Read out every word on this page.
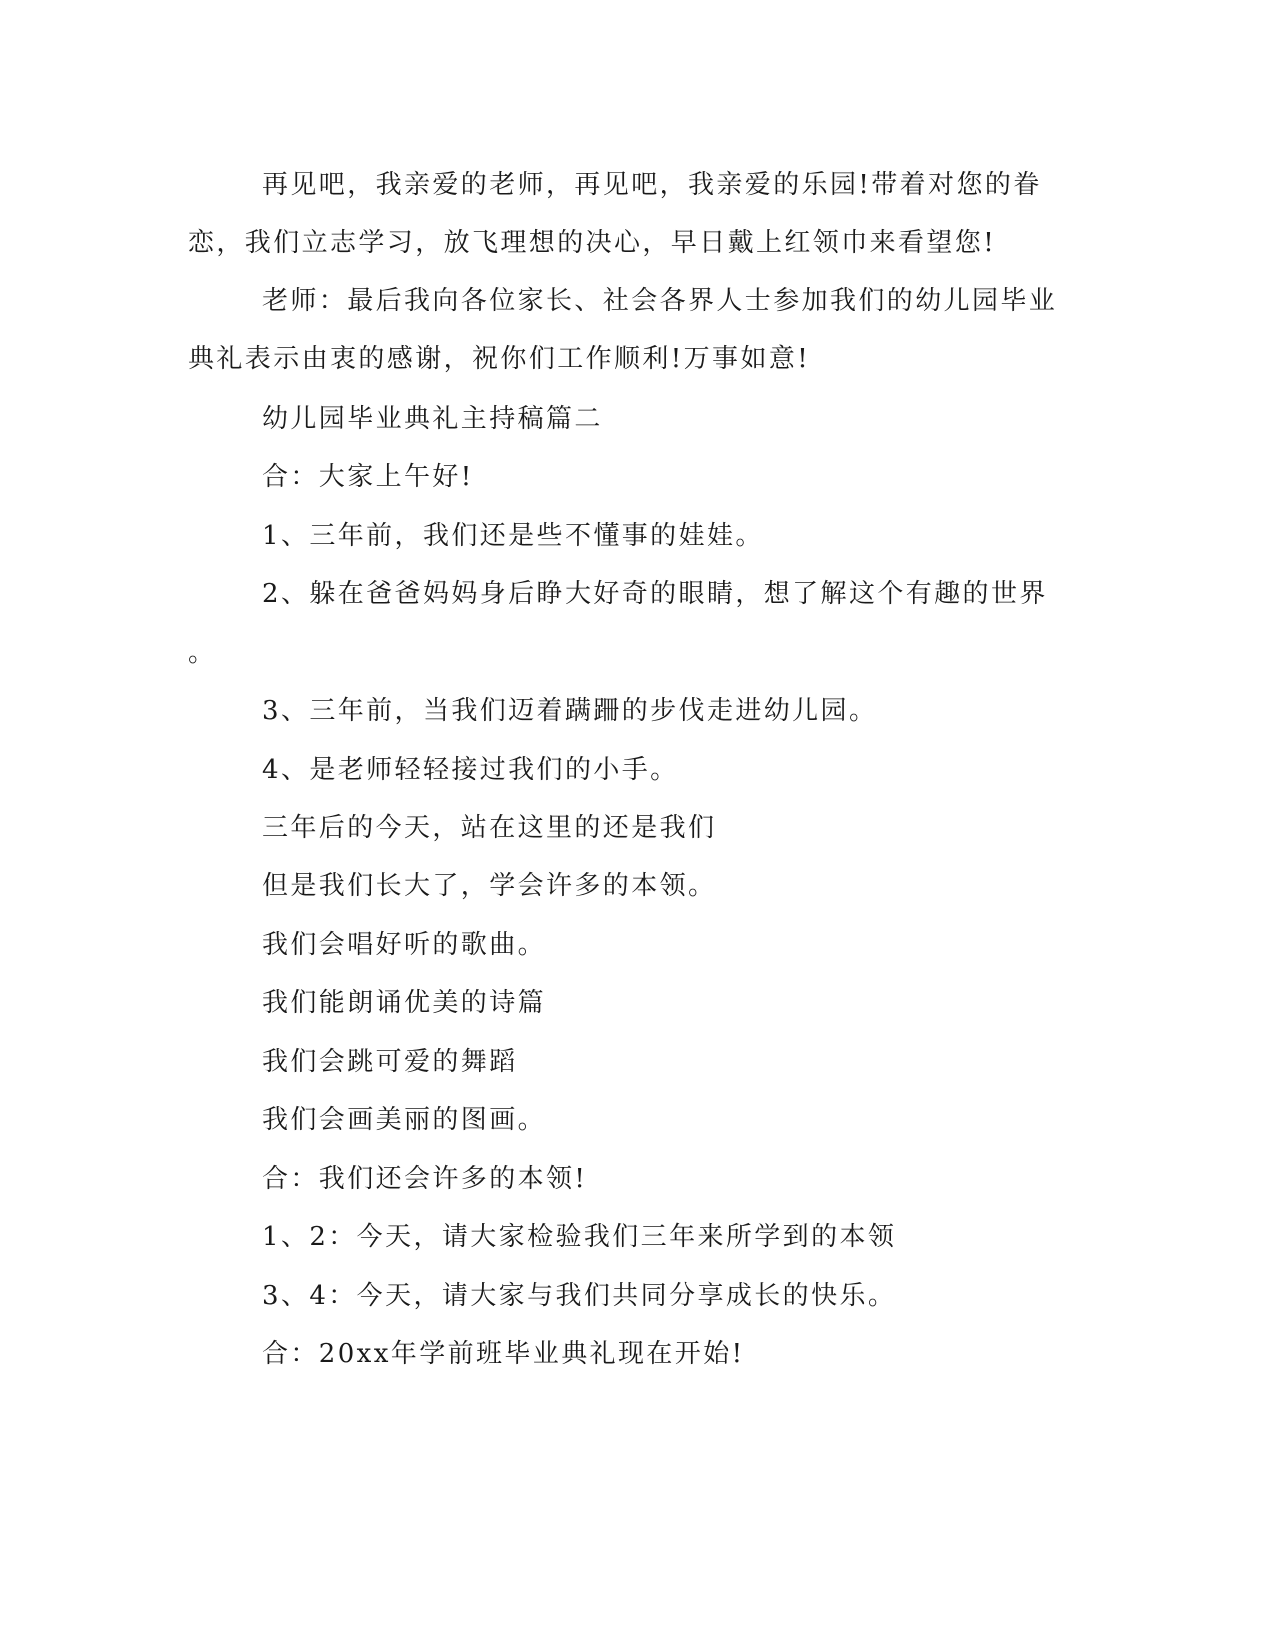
再见吧，我亲爱的老师，再见吧，我亲爱的乐园!带着对您的眷
恋，我们立志学习，放飞理想的决心，早日戴上红领巾来看望您!
老师：最后我向各位家长、社会各界人士参加我们的幼儿园毕业
典礼表示由衷的感谢，祝你们工作顺利!万事如意!
幼儿园毕业典礼主持稿篇二
合：大家上午好!
1、三年前，我们还是些不懂事的娃娃。
2、躲在爸爸妈妈身后睁大好奇的眼睛，想了解这个有趣的世界
。
3、三年前，当我们迈着蹒跚的步伐走进幼儿园。
4、是老师轻轻接过我们的小手。
三年后的今天，站在这里的还是我们
但是我们长大了，学会许多的本领。
我们会唱好听的歌曲。
我们能朗诵优美的诗篇
我们会跳可爱的舞蹈
我们会画美丽的图画。
合：我们还会许多的本领!
1、2：今天，请大家检验我们三年来所学到的本领
3、4：今天，请大家与我们共同分享成长的快乐。
合：20xx年学前班毕业典礼现在开始!
